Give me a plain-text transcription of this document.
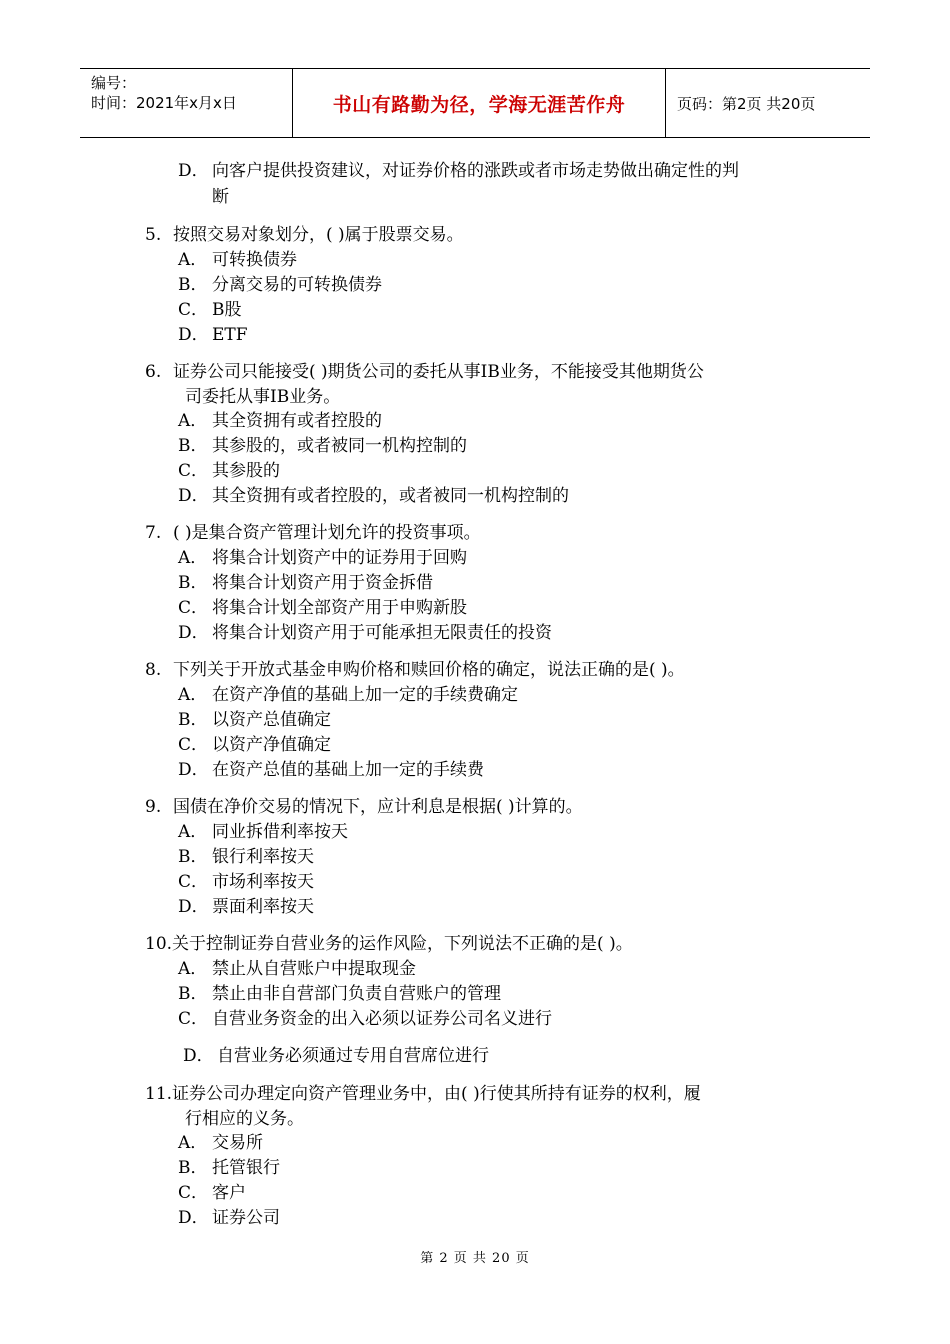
编号：
时间：2021年x月x日	书山有路勤为径，学海无涯苦作舟	页码：第2页 共20页
D． 向客户提供投资建议，对证券价格的涨跌或者市场走势做出确定性的判
断
5. 按照交易对象划分，( )属于股票交易。
A． 可转换债券
B． 分离交易的可转换债券
C． B股
D． ETF
6. 证券公司只能接受( )期货公司的委托从事IB业务，不能接受其他期货公
司委托从事IB业务。
A． 其全资拥有或者控股的
B． 其参股的，或者被同一机构控制的
C． 其参股的
D． 其全资拥有或者控股的，或者被同一机构控制的
7. ( )是集合资产管理计划允许的投资事项。
A． 将集合计划资产中的证券用于回购
B． 将集合计划资产用于资金拆借
C． 将集合计划全部资产用于申购新股
D． 将集合计划资产用于可能承担无限责任的投资
8. 下列关于开放式基金申购价格和赎回价格的确定，说法正确的是( )。
A． 在资产净值的基础上加一定的手续费确定
B． 以资产总值确定
C． 以资产净值确定
D． 在资产总值的基础上加一定的手续费
9. 国债在净价交易的情况下，应计利息是根据( )计算的。
A． 同业拆借利率按天
B． 银行利率按天
C． 市场利率按天
D． 票面利率按天
10.关于控制证券自营业务的运作风险，下列说法不正确的是( )。
A． 禁止从自营账户中提取现金
B． 禁止由非自营部门负责自营账户的管理
C． 自营业务资金的出入必须以证券公司名义进行
D． 自营业务必须通过专用自营席位进行
11.证券公司办理定向资产管理业务中，由( )行使其所持有证券的权利，履
行相应的义务。
A． 交易所
B． 托管银行
C． 客户
D． 证券公司
第 2 页 共 20 页
